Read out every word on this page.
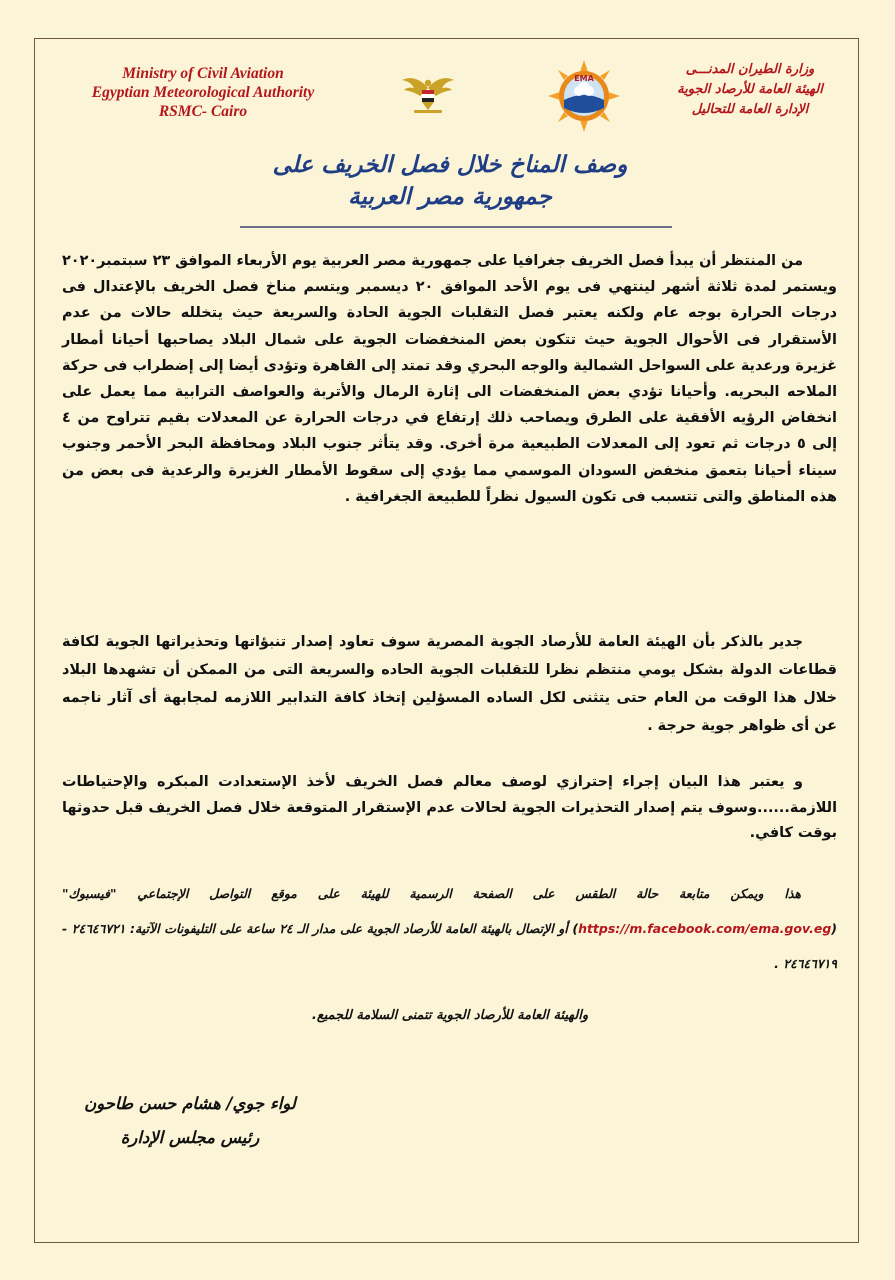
Ministry of Civil Aviation
Egyptian Meteorological Authority
RSMC- Cairo
EMA
وزارة الطيران المدنـــى
الهيئة العامة للأرصاد الجوية
الإدارة العامة للتحاليل
وصف المناخ خلال فصل الخريف على
جمهورية مصر العربية
من المنتظر أن يبدأ فصل الخريف جغرافيا على جمهورية مصر العربية يوم الأربعاء الموافق ٢٣ سبتمبر٢٠٢٠ ويستمر لمدة ثلاثة أشهر لينتهي فى يوم الأحد الموافق ٢٠ ديسمبر ويتسم مناخ فصل الخريف بالإعتدال فى درجات الحرارة بوجه عام ولكنه يعتبر فصل التقلبات الجوية الحادة والسريعة حيث يتخلله حالات من عدم الأستقرار فى الأحوال الجوية حيث تتكون بعض المنخفضات الجوية على شمال البلاد يصاحبها أحيانا أمطار غزيرة ورعدية على السواحل الشمالية والوجه البحري وقد تمتد إلى القاهرة وتؤدى أيضا إلى إضطراب فى حركة الملاحه البحريه. وأحيانا تؤدي بعض المنخفضات الى إثارة الرمال والأتربة والعواصف الترابية مما يعمل على انخفاض الرؤيه الأفقية على الطرق ويصاحب ذلك إرتفاع في درجات الحرارة عن المعدلات بقيم تتراوح من ٤ إلى ٥ درجات ثم تعود إلى المعدلات الطبيعية مرة أخرى. وقد يتأثر جنوب البلاد ومحافظة البحر الأحمر وجنوب سيناء أحيانا بتعمق منخفض السودان الموسمي مما يؤدي إلى سقوط الأمطار الغزيرة والرعدية فى بعض من هذه المناطق والتى تتسبب فى تكون السيول نظراً للطبيعة الجغرافية .
جدير بالذكر بأن الهيئة العامة للأرصاد الجوية المصرية سوف تعاود إصدار تنبؤاتها وتحذيراتها الجوية لكافة قطاعات الدولة بشكل يومي منتظم نظرا للتقلبات الجوية الحاده والسريعة التى من الممكن أن تشهدها البلاد خلال هذا الوقت من العام حتى يتثنى لكل الساده المسؤلين إتخاذ كافة التدابير اللازمه لمجابهة أى آثار ناجمه عن أى ظواهر جوية حرجة .
و يعتبر هذا البيان إجراء إحترازي لوصف معالم فصل الخريف لأخذ الإستعدادت المبكره والإحتياطات اللازمة......وسوف يتم إصدار التحذيرات الجوية لحالات عدم الإستقرار المتوقعة خلال فصل الخريف قبل حدوثها بوقت كافي.
هذا ويمكن متابعة حالة الطقس على الصفحة الرسمية للهيئة على موقع التواصل الإجتماعي "فيسبوك" (https://m.facebook.com/ema.gov.eg) أو الإتصال بالهيئة العامة للأرصاد الجوية على مدار الـ ٢٤ ساعة على التليفونات الآتية: ٢٤٦٤٦٧٢١ - ٢٤٦٤٦٧١٩ .
والهيئة العامة للأرصاد الجوية تتمنى السلامة للجميع.
لواء جوي/ هشام حسن طاحون
رئيس مجلس الإدارة
